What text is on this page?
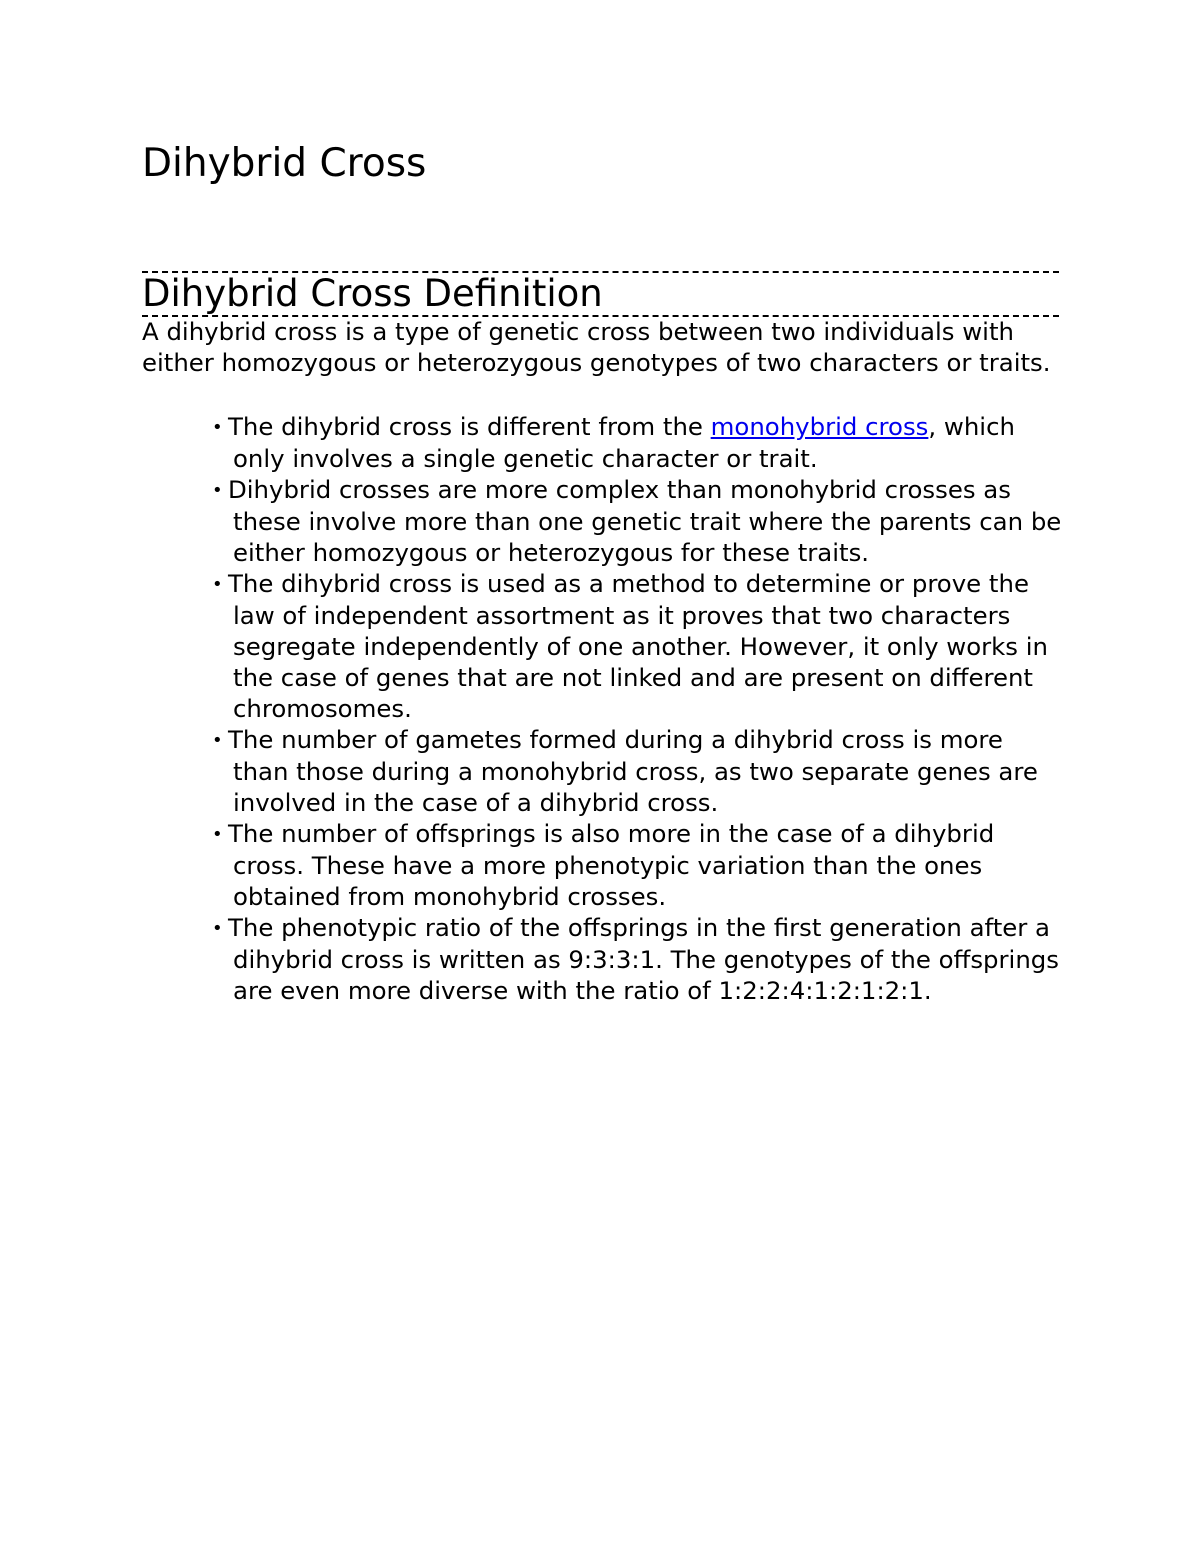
Dihybrid Cross
Dihybrid Cross Definition

A dihybrid cross is a type of genetic cross between two individuals with either homozygous or heterozygous genotypes of two characters or traits.

• The dihybrid cross is different from the monohybrid cross, which only involves a single genetic character or trait.
• Dihybrid crosses are more complex than monohybrid crosses as these involve more than one genetic trait where the parents can be either homozygous or heterozygous for these traits.
• The dihybrid cross is used as a method to determine or prove the law of independent assortment as it proves that two characters segregate independently of one another. However, it only works in the case of genes that are not linked and are present on different chromosomes.
• The number of gametes formed during a dihybrid cross is more than those during a monohybrid cross, as two separate genes are involved in the case of a dihybrid cross.
• The number of offsprings is also more in the case of a dihybrid cross. These have a more phenotypic variation than the ones obtained from monohybrid crosses.
• The phenotypic ratio of the offsprings in the first generation after a dihybrid cross is written as 9:3:3:1. The genotypes of the offsprings are even more diverse with the ratio of 1:2:2:4:1:2:1:2:1.
